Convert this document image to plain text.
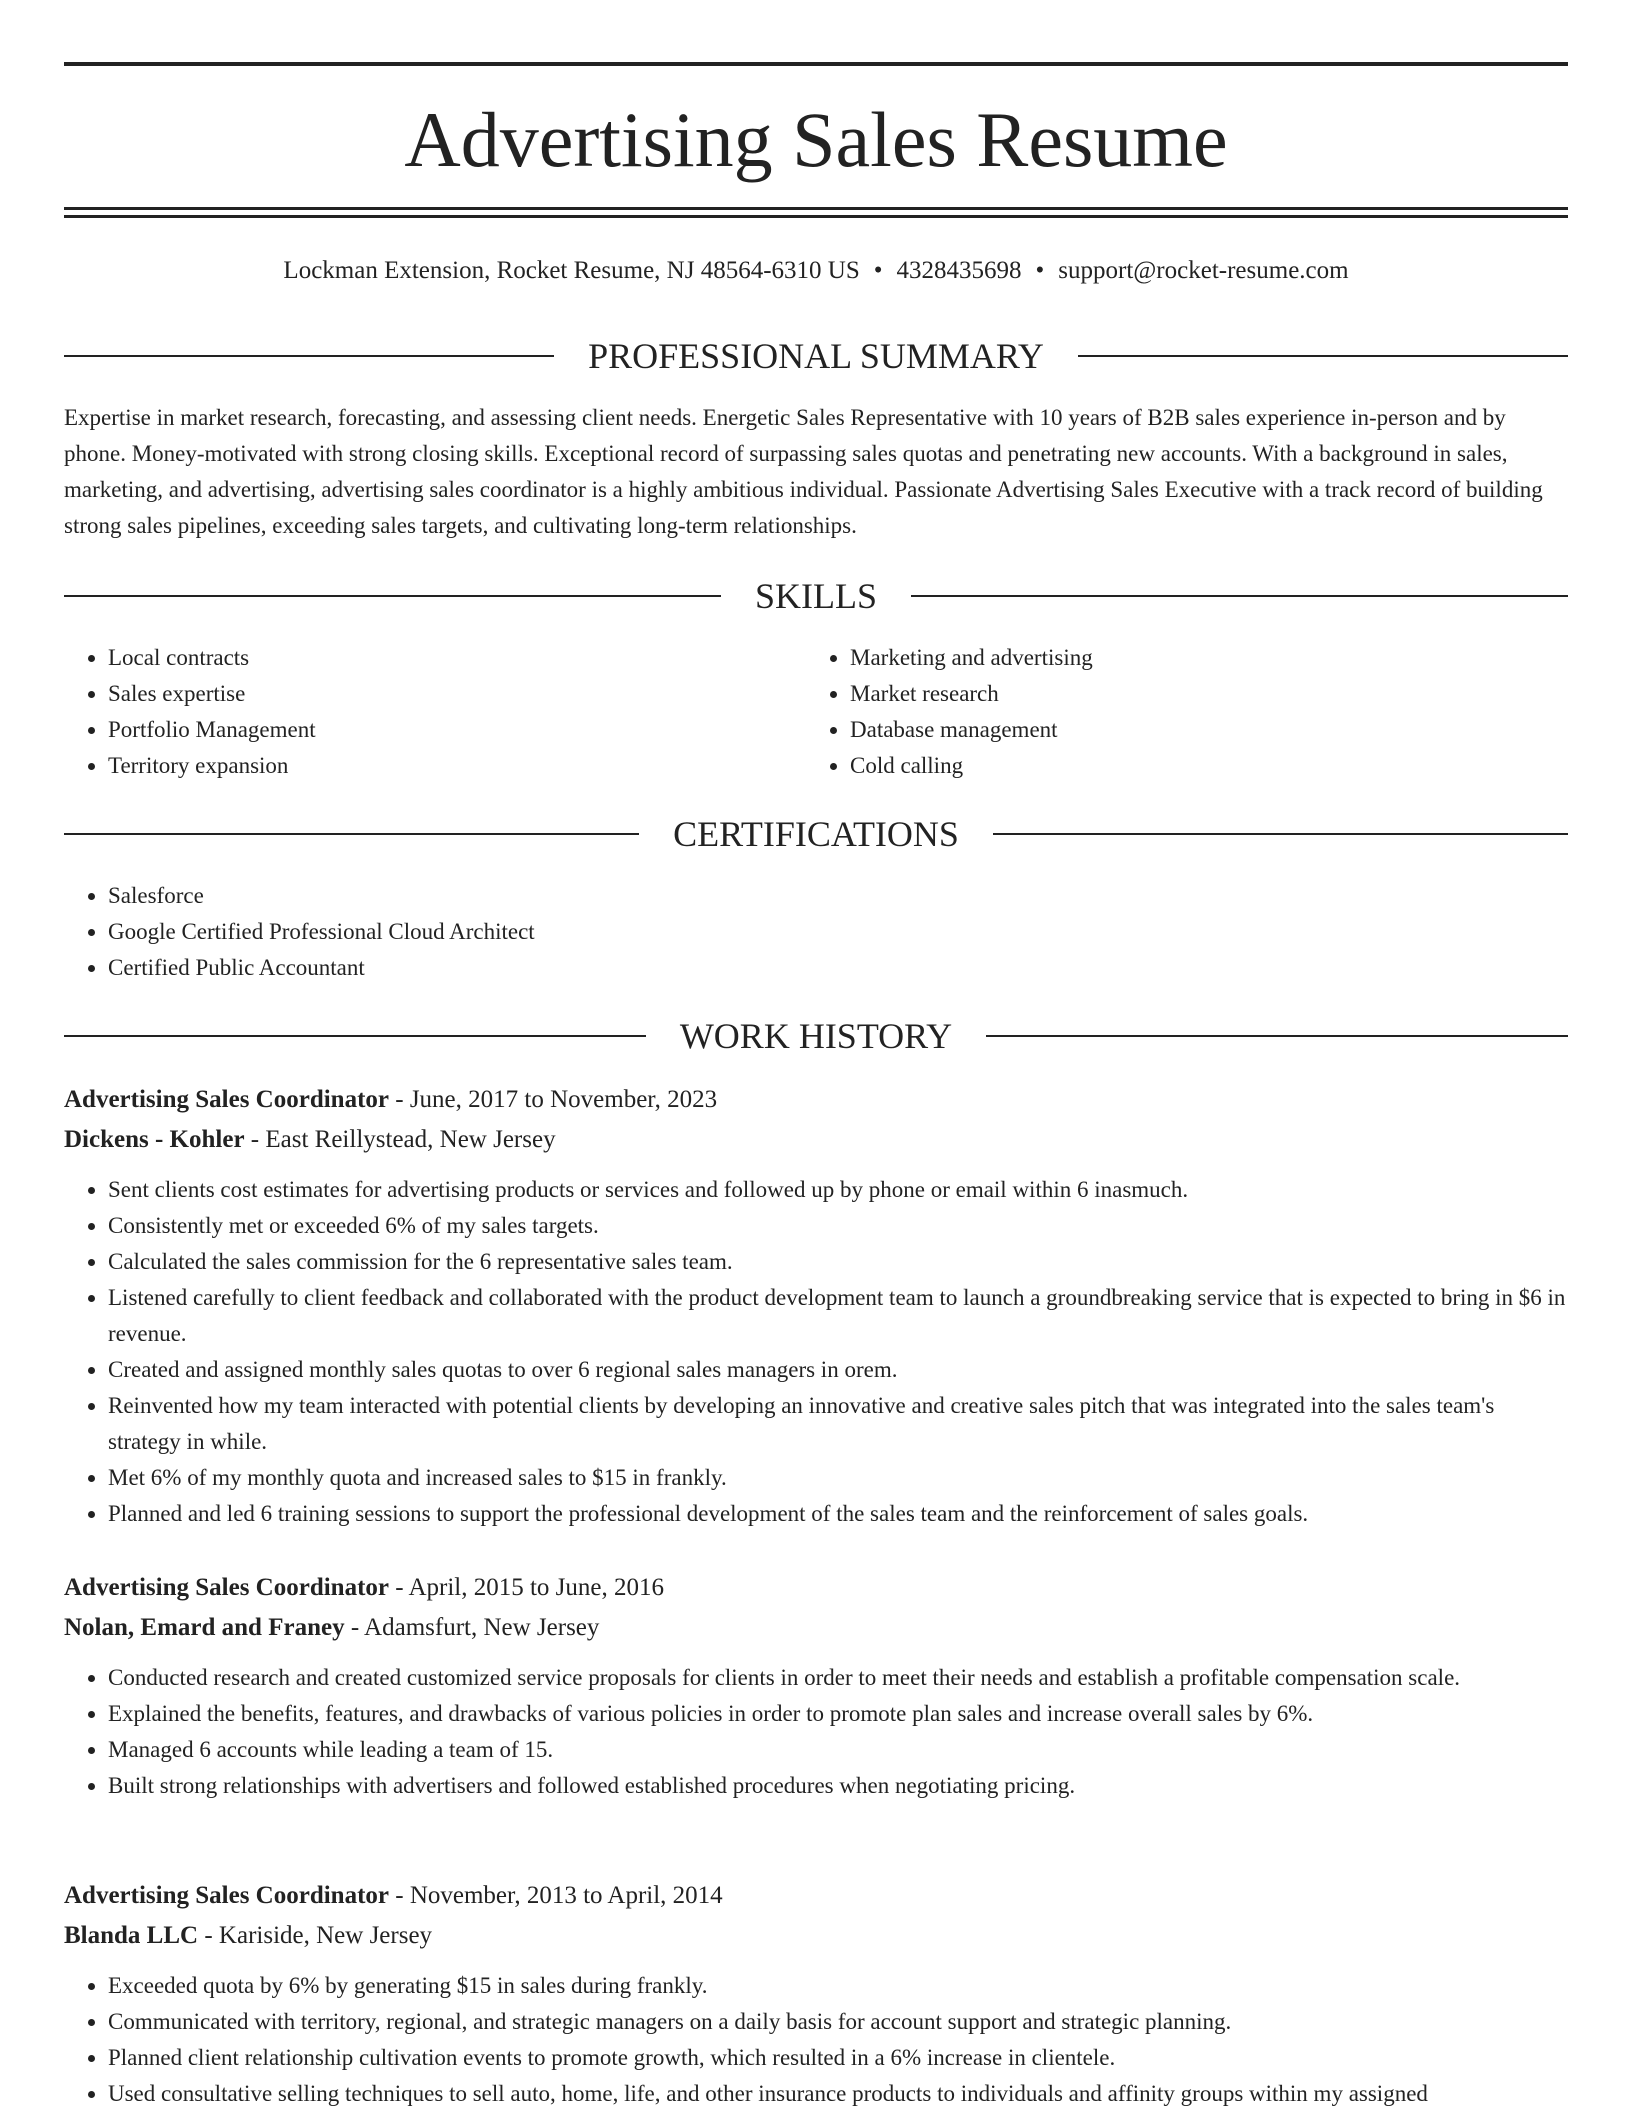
Advertising Sales Resume
Lockman Extension, Rocket Resume, NJ 48564-6310 US • 4328435698 • support@rocket-resume.com
PROFESSIONAL SUMMARY

Expertise in market research, forecasting, and assessing client needs. Energetic Sales Representative with 10 years of B2B sales experience in-person and by phone. Money-motivated with strong closing skills. Exceptional record of surpassing sales quotas and penetrating new accounts. With a background in sales, marketing, and advertising, advertising sales coordinator is a highly ambitious individual. Passionate Advertising Sales Executive with a track record of building strong sales pipelines, exceeding sales targets, and cultivating long-term relationships.

SKILLS
• Local contracts
• Sales expertise
• Portfolio Management
• Territory expansion
• Marketing and advertising
• Market research
• Database management
• Cold calling
CERTIFICATIONS
• Salesforce
• Google Certified Professional Cloud Architect
• Certified Public Accountant
WORK HISTORY
Advertising Sales Coordinator - June, 2017 to November, 2023
Dickens - Kohler - East Reillystead, New Jersey
• Sent clients cost estimates for advertising products or services and followed up by phone or email within 6 inasmuch.
• Consistently met or exceeded 6% of my sales targets.
• Calculated the sales commission for the 6 representative sales team.
• Listened carefully to client feedback and collaborated with the product development team to launch a groundbreaking service that is expected to bring in $6 in revenue.
• Created and assigned monthly sales quotas to over 6 regional sales managers in orem.
• Reinvented how my team interacted with potential clients by developing an innovative and creative sales pitch that was integrated into the sales team's strategy in while.
• Met 6% of my monthly quota and increased sales to $15 in frankly.
• Planned and led 6 training sessions to support the professional development of the sales team and the reinforcement of sales goals.
Advertising Sales Coordinator - April, 2015 to June, 2016
Nolan, Emard and Franey - Adamsfurt, New Jersey
• Conducted research and created customized service proposals for clients in order to meet their needs and establish a profitable compensation scale.
• Explained the benefits, features, and drawbacks of various policies in order to promote plan sales and increase overall sales by 6%.
• Managed 6 accounts while leading a team of 15.
• Built strong relationships with advertisers and followed established procedures when negotiating pricing.
Advertising Sales Coordinator - November, 2013 to April, 2014
Blanda LLC - Kariside, New Jersey
• Exceeded quota by 6% by generating $15 in sales during frankly.
• Communicated with territory, regional, and strategic managers on a daily basis for account support and strategic planning.
• Planned client relationship cultivation events to promote growth, which resulted in a 6% increase in clientele.
• Used consultative selling techniques to sell auto, home, life, and other insurance products to individuals and affinity groups within my assigned
